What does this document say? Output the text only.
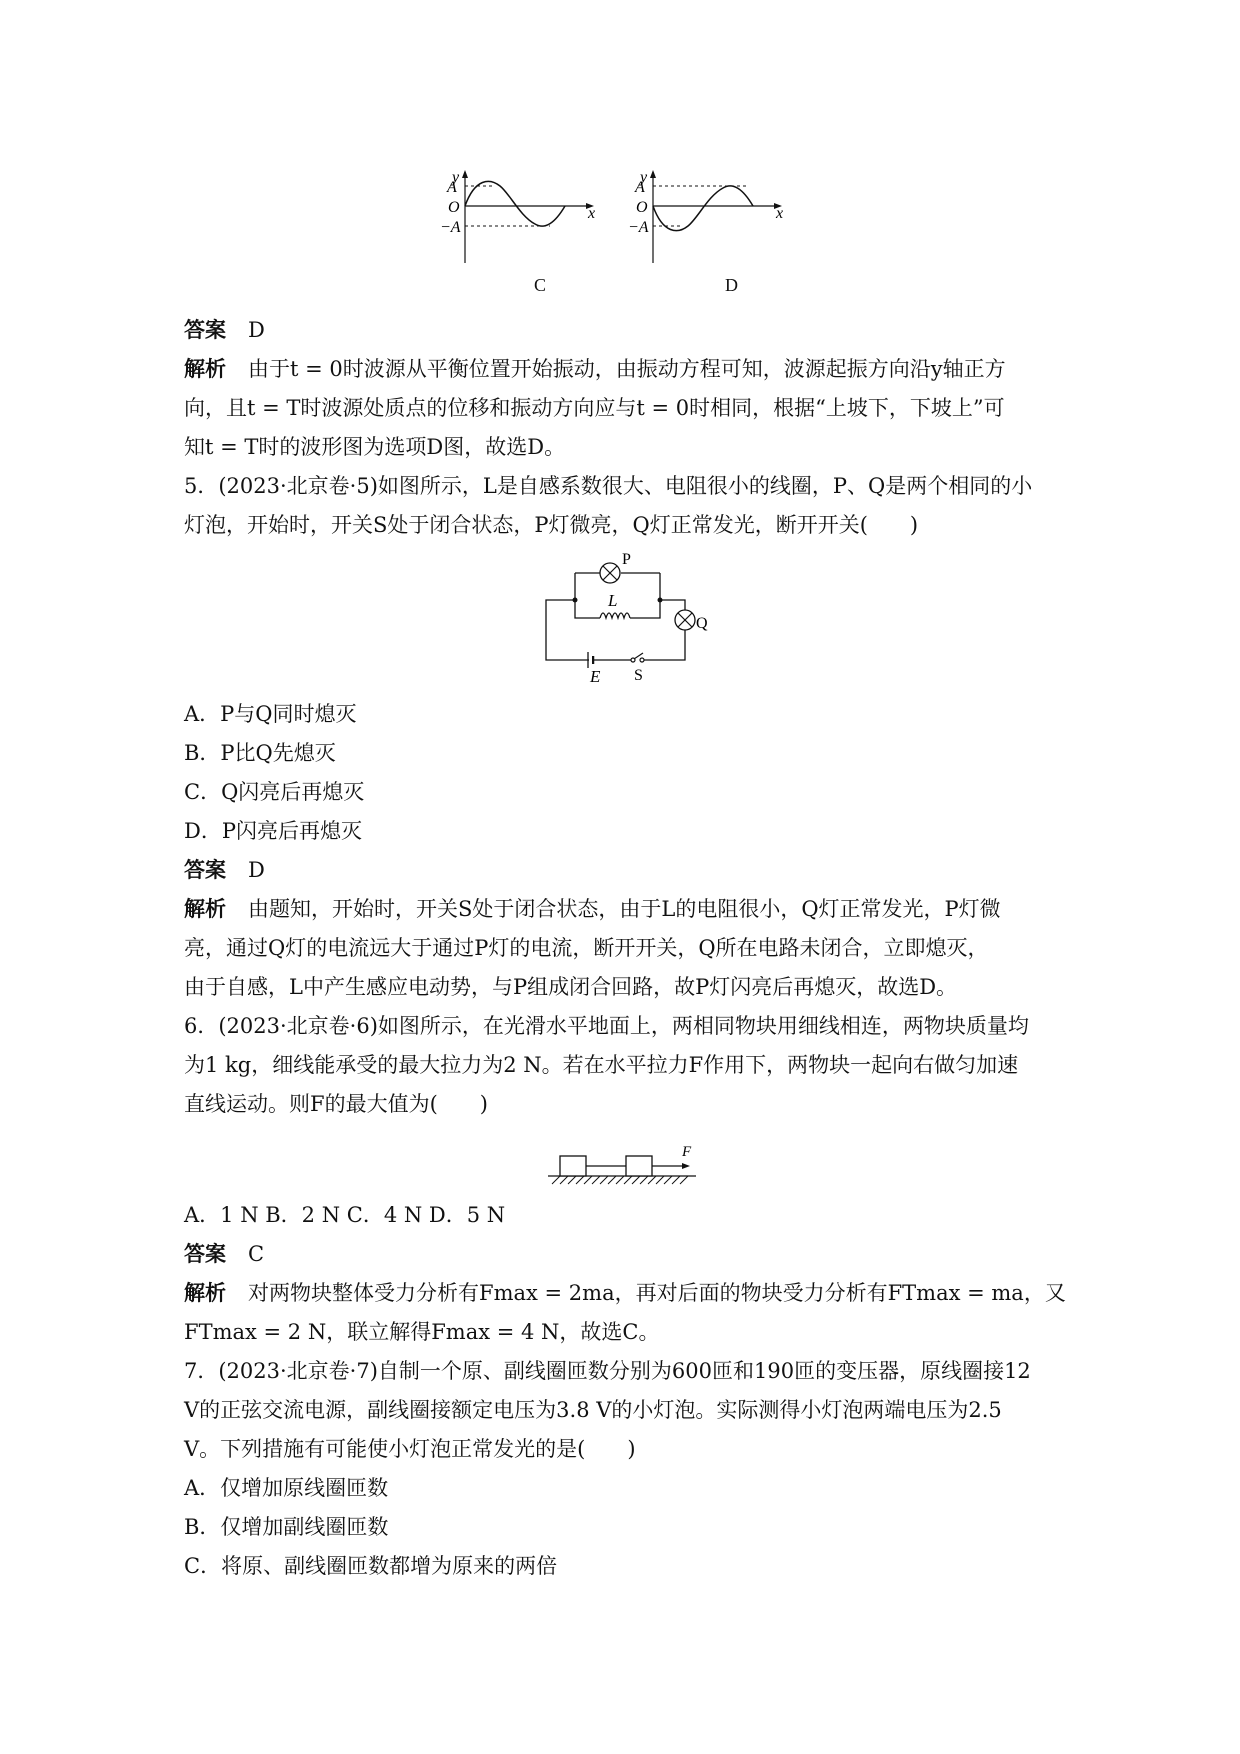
y
A
O
−A
x
C
y
A
O
−A
x
D
答案 D
解析 由于t = 0时波源从平衡位置开始振动，由振动方程可知，波源起振方向沿y轴正方
向，且t = T时波源处质点的位移和振动方向应与t = 0时相同，根据“上坡下，下坡上”可
知t = T时的波形图为选项D图，故选D。
5．(2023·北京卷·5)如图所示，L是自感系数很大、电阻很小的线圈，P、Q是两个相同的小
灯泡，开始时，开关S处于闭合状态，P灯微亮，Q灯正常发光，断开开关(　　)
P
L
Q
E S
A．P与Q同时熄灭
B．P比Q先熄灭
C．Q闪亮后再熄灭
D．P闪亮后再熄灭
答案 D
解析 由题知，开始时，开关S处于闭合状态，由于L的电阻很小，Q灯正常发光，P灯微
亮，通过Q灯的电流远大于通过P灯的电流，断开开关，Q所在电路未闭合，立即熄灭，
由于自感，L中产生感应电动势，与P组成闭合回路，故P灯闪亮后再熄灭，故选D。
6．(2023·北京卷·6)如图所示，在光滑水平地面上，两相同物块用细线相连，两物块质量均
为1 kg，细线能承受的最大拉力为2 N。若在水平拉力F作用下，两物块一起向右做匀加速
直线运动。则F的最大值为(　　)
F
A．1 N B．2 N C．4 N D．5 N
答案 C
解析 对两物块整体受力分析有Fmax = 2ma，再对后面的物块受力分析有FTmax = ma，又
FTmax = 2 N，联立解得Fmax = 4 N，故选C。
7．(2023·北京卷·7)自制一个原、副线圈匝数分别为600匝和190匝的变压器，原线圈接12
V的正弦交流电源，副线圈接额定电压为3.8 V的小灯泡。实际测得小灯泡两端电压为2.5
V。下列措施有可能使小灯泡正常发光的是(　　)
A．仅增加原线圈匝数
B．仅增加副线圈匝数
C．将原、副线圈匝数都增为原来的两倍
